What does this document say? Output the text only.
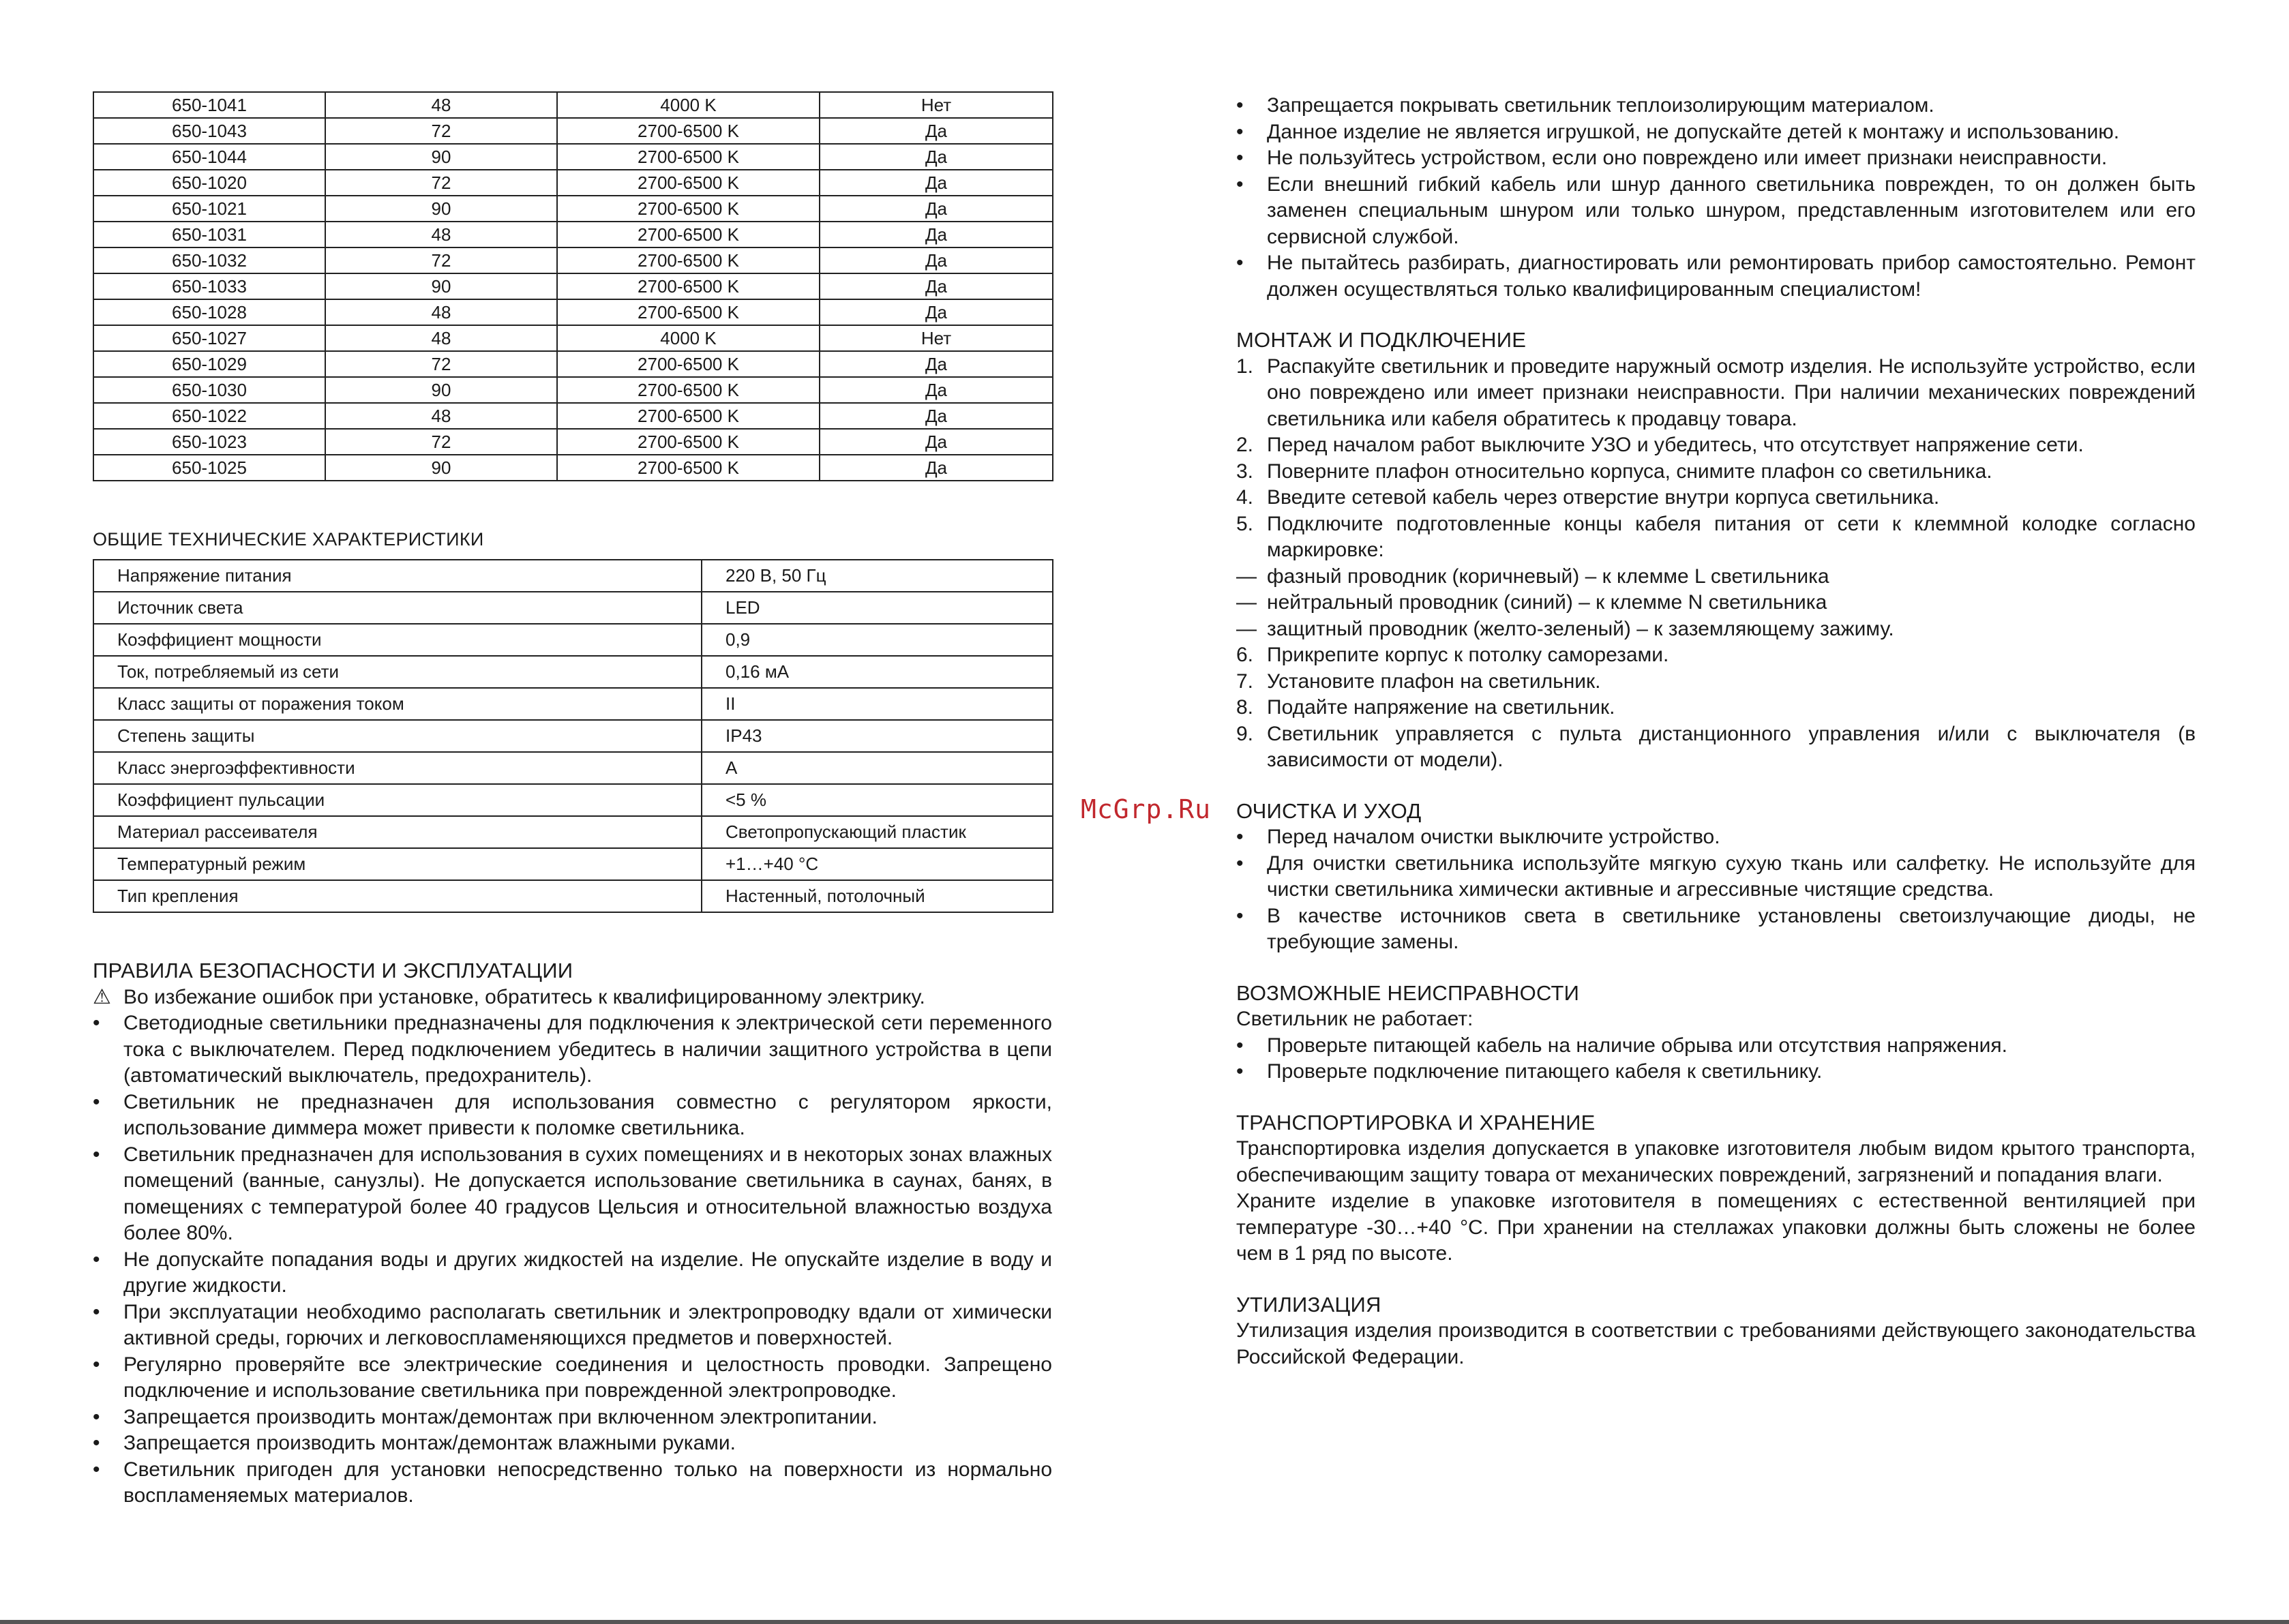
650-1041	48	4000 K	Нет
650-1043	72	2700-6500 K	Да
650-1044	90	2700-6500 K	Да
650-1020	72	2700-6500 K	Да
650-1021	90	2700-6500 K	Да
650-1031	48	2700-6500 K	Да
650-1032	72	2700-6500 K	Да
650-1033	90	2700-6500 K	Да
650-1028	48	2700-6500 K	Да
650-1027	48	4000 K	Нет
650-1029	72	2700-6500 K	Да
650-1030	90	2700-6500 K	Да
650-1022	48	2700-6500 K	Да
650-1023	72	2700-6500 K	Да
650-1025	90	2700-6500 K	Да
ОБЩИЕ ТЕХНИЧЕСКИЕ ХАРАКТЕРИСТИКИ
Напряжение питания	220 В, 50 Гц
Источник света	LED
Коэффициент мощности	0,9
Ток, потребляемый из сети	0,16 мА
Класс защиты от поражения током	II
Степень защиты	IP43
Класс энергоэффективности	A
Коэффициент пульсации	<5 %
Материал рассеивателя	Светопропускающий пластик
Температурный режим	+1…+40 °С
Тип крепления	Настенный, потолочный
ПРАВИЛА БЕЗОПАСНОСТИ И ЭКСПЛУАТАЦИИ
⚠ Во избежание ошибок при установке, обратитесь к квалифицированному электрику.
•	Светодиодные светильники предназначены для подключения к электрической сети переменного тока с выключателем. Перед подключением убедитесь в наличии защитного устройства в цепи (автоматический выключатель, предохранитель).
•	Светильник не предназначен для использования совместно с регулятором яркости, использование диммера может привести к поломке светильника.
•	Светильник предназначен для использования в сухих помещениях и в некоторых зонах влажных помещений (ванные, санузлы). Не допускается использование светильника в саунах, банях, в помещениях с температурой более 40 градусов Цельсия и относительной влажностью воздуха более 80%.
•	Не допускайте попадания воды и других жидкостей на изделие. Не опускайте изделие в воду и другие жидкости.
•	При эксплуатации необходимо располагать светильник и электропроводку вдали от химически активной среды, горючих и легковоспламеняющихся предметов и поверхностей.
•	Регулярно проверяйте все электрические соединения и целостность проводки. Запрещено подключение и использование светильника при поврежденной электропроводке.
•	Запрещается производить монтаж/демонтаж при включенном электропитании.
•	Запрещается производить монтаж/демонтаж влажными руками.
•	Светильник пригоден для установки непосредственно только на поверхности из нормально воспламеняемых материалов.
McGrp.Ru
•	Запрещается покрывать светильник теплоизолирующим материалом.
•	Данное изделие не является игрушкой, не допускайте детей к монтажу и использованию.
•	Не пользуйтесь устройством, если оно повреждено или имеет признаки неисправности.
•	Если внешний гибкий кабель или шнур данного светильника поврежден, то он должен быть заменен специальным шнуром или только шнуром, представленным изготовителем или его сервисной службой.
•	Не пытайтесь разбирать, диагностировать или ремонтировать прибор самостоятельно. Ремонт должен осуществляться только квалифицированным специалистом!
МОНТАЖ И ПОДКЛЮЧЕНИЕ
1. Распакуйте светильник и проведите наружный осмотр изделия. Не используйте устройство, если оно повреждено или имеет признаки неисправности. При наличии механических повреждений светильника или кабеля обратитесь к продавцу товара.
2. Перед началом работ выключите УЗО и убедитесь, что отсутствует напряжение сети.
3. Поверните плафон относительно корпуса, снимите плафон со светильника.
4. Введите сетевой кабель через отверстие внутри корпуса светильника.
5. Подключите подготовленные концы кабеля питания от сети к клеммной колодке согласно маркировке:
— фазный проводник (коричневый) – к клемме L светильника
— нейтральный проводник (синий) – к клемме N светильника
— защитный проводник (желто-зеленый) – к заземляющему зажиму.
6. Прикрепите корпус к потолку саморезами.
7. Установите плафон на светильник.
8. Подайте напряжение на светильник.
9. Светильник управляется с пульта дистанционного управления и/или с выключателя (в зависимости от модели).
ОЧИСТКА И УХОД
•	Перед началом очистки выключите устройство.
•	Для очистки светильника используйте мягкую сухую ткань или салфетку. Не используйте для чистки светильника химически активные и агрессивные чистящие средства.
•	В качестве источников света в светильнике установлены светоизлучающие диоды, не требующие замены.
ВОЗМОЖНЫЕ НЕИСПРАВНОСТИ
Светильник не работает:
•	Проверьте питающей кабель на наличие обрыва или отсутствия напряжения.
•	Проверьте подключение питающего кабеля к светильнику.
ТРАНСПОРТИРОВКА И ХРАНЕНИЕ
Транспортировка изделия допускается в упаковке изготовителя любым видом крытого транспорта, обеспечивающим защиту товара от механических повреждений, загрязнений и попадания влаги.
Храните изделие в упаковке изготовителя в помещениях с естественной вентиляцией при температуре -30…+40 °С. При хранении на стеллажах упаковки должны быть сложены не более чем в 1 ряд по высоте.
УТИЛИЗАЦИЯ
Утилизация изделия производится в соответствии с требованиями действующего законодательства Российской Федерации.
